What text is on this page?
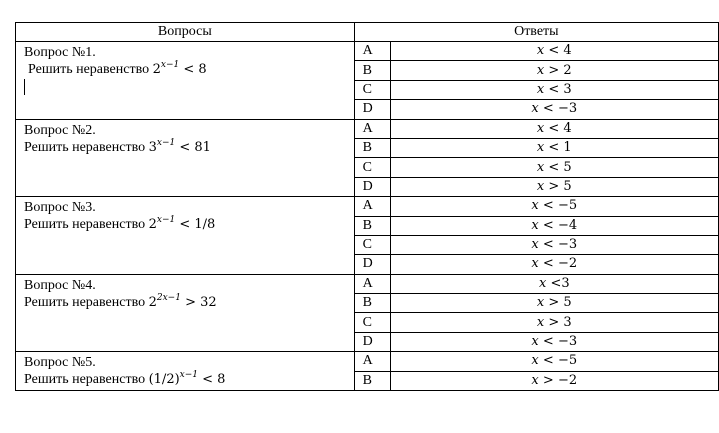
Вопросы	Ответы	

Вопрос №1.
Решить неравенство $2^{x-1} < 8$	A	x < 4
	B	x > 2
	C	x < 3
	D	x < −3

Вопрос №2.
Решить неравенство $3^{x-1} < 81$	A	x < 4
	B	x < 1
	C	x < 5
	D	x > 5

Вопрос №3.
Решить неравенство $2^{x-1} < 1/8$	A	x < −5
	B	x < −4
	C	x < −3
	D	x < −2

Вопрос №4.
Решить неравенство $2^{2x-1} > 32$	A	x <3
	B	x > 5
	C	x > 3
	D	x < −3

Вопрос №5.
Решить неравенство $(1/2)^{x-1} < 8$	A	x < −5
	B	x > −2
